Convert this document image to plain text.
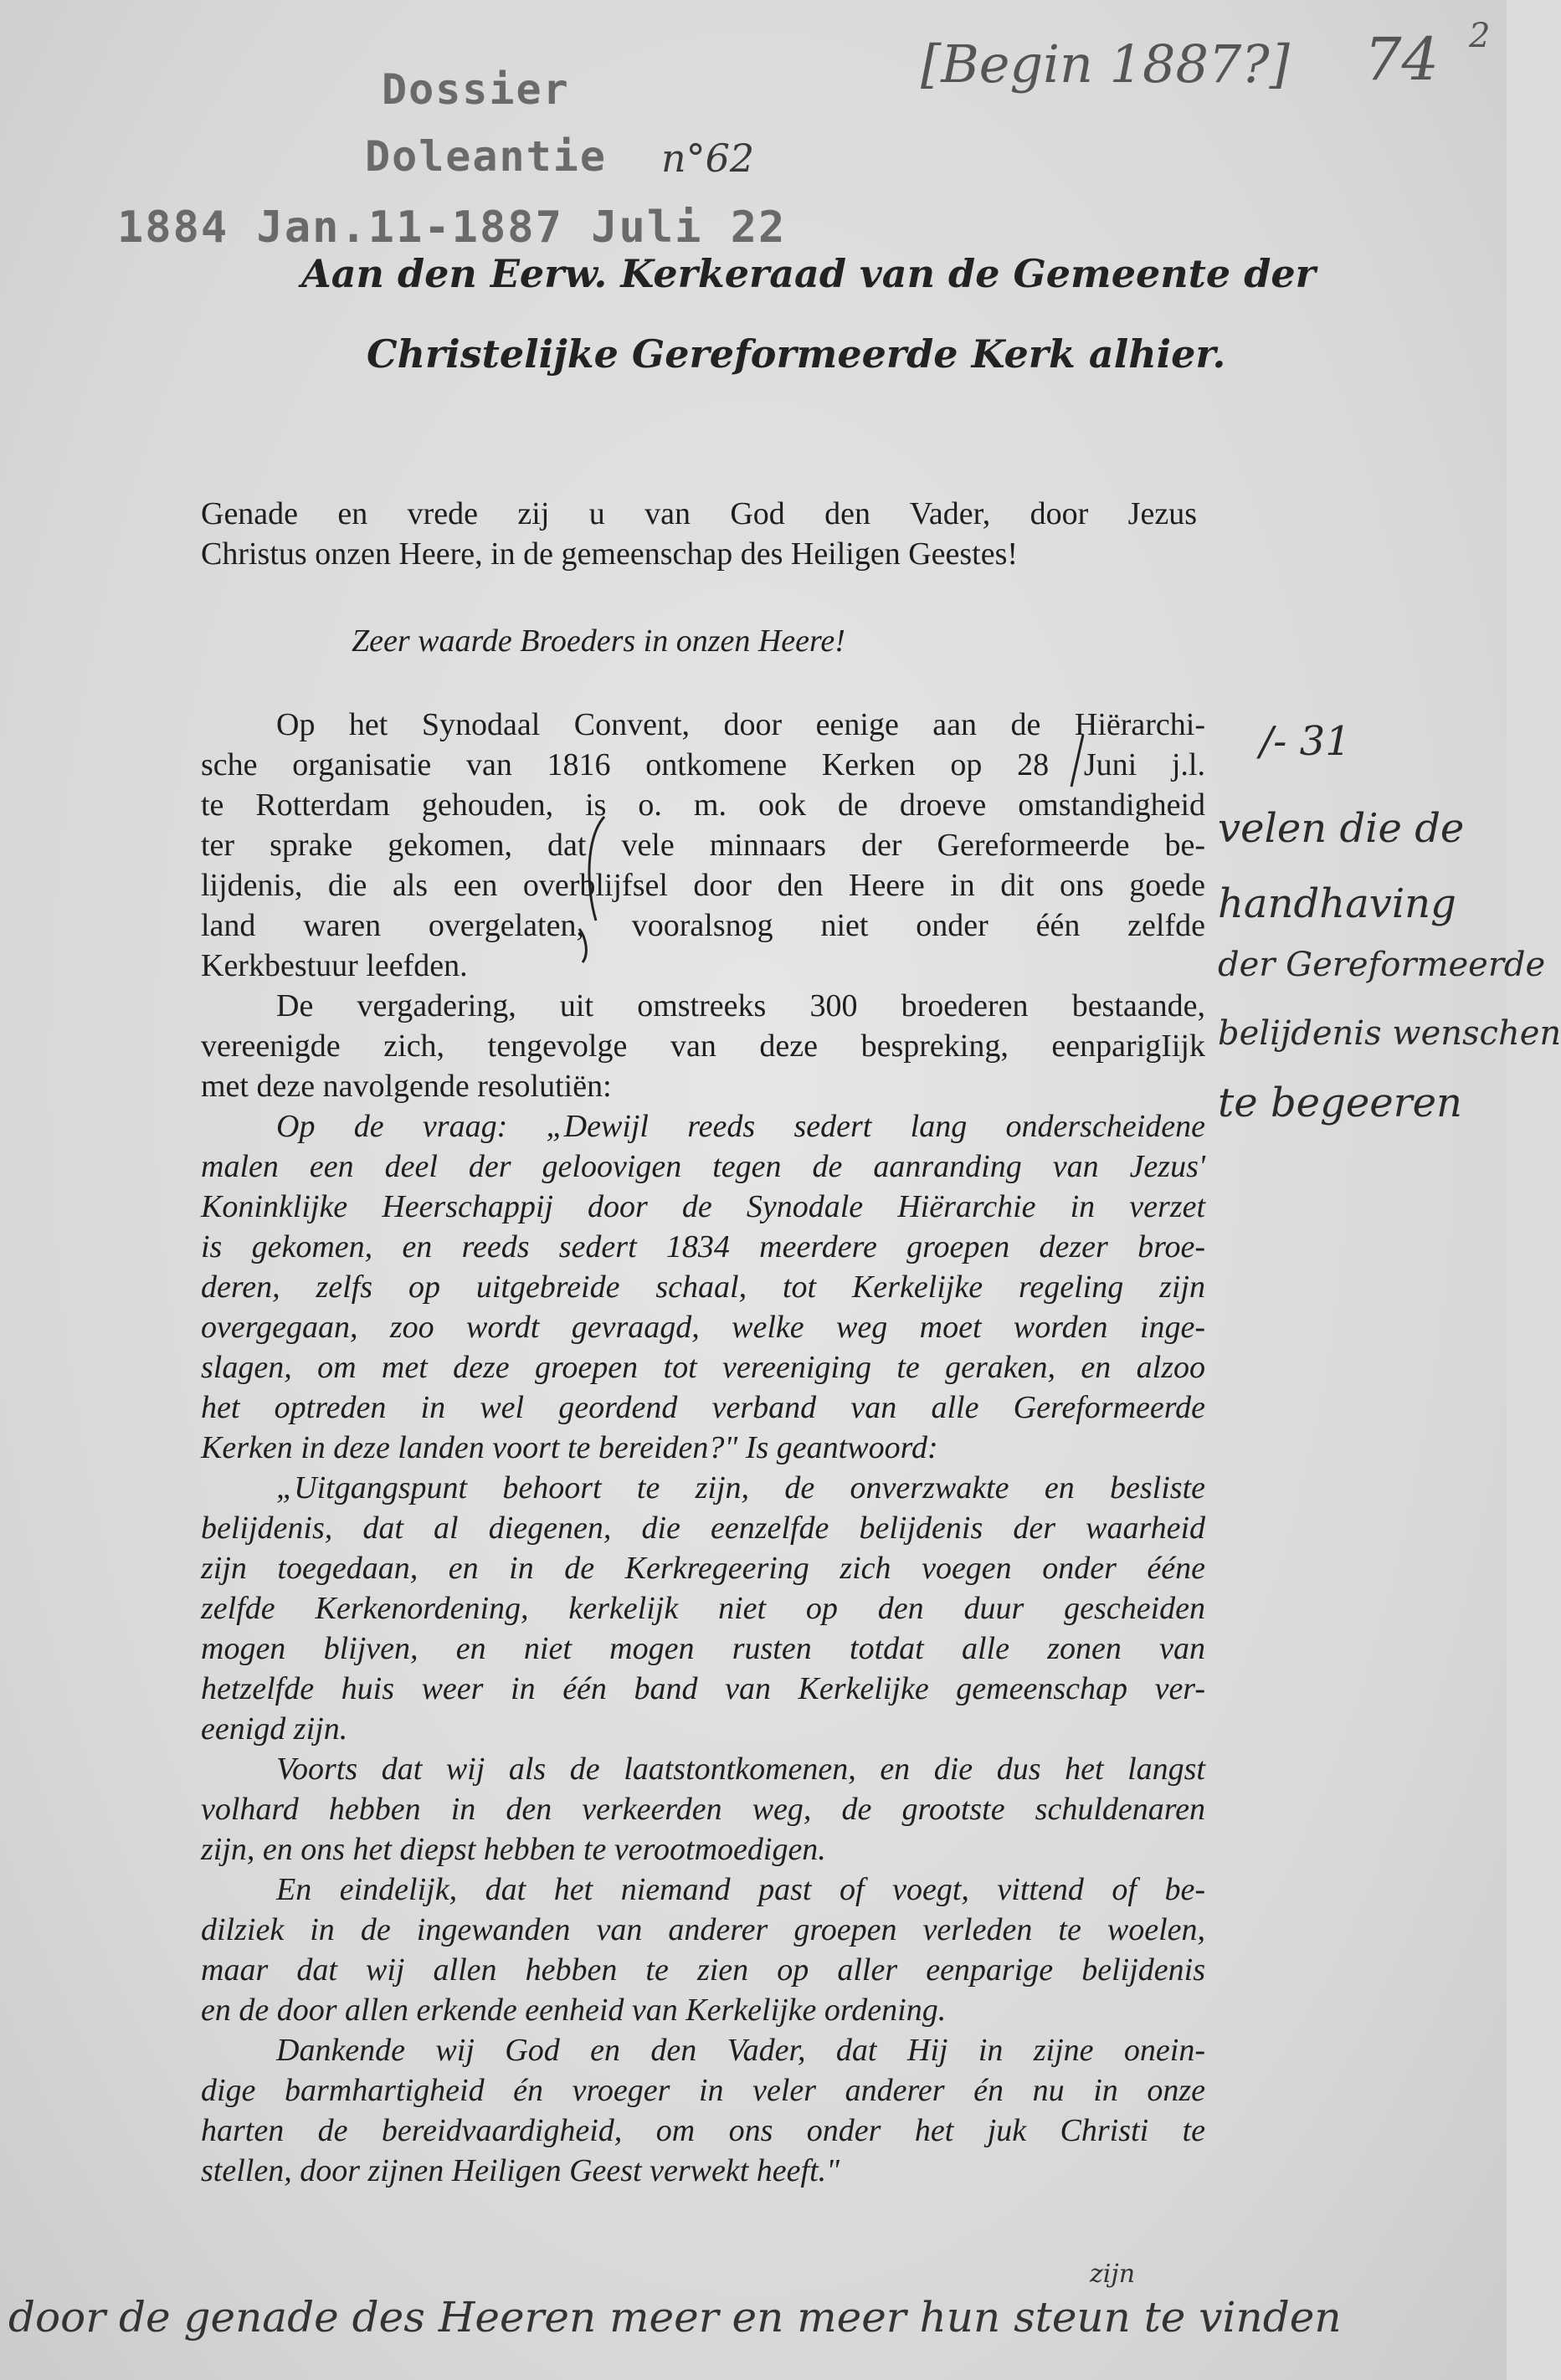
Dossier
Doleantie
1884 Jan.11-1887 Juli 22
n°62
[Begin 1887?] 74 2
Aan den Eerw. Kerkeraad van de Gemeente der
Christelijke Gereformeerde Kerk alhier.
Genade en vrede zij u van God den Vader, door Jezus
Christus onzen Heere, in de gemeenschap des Heiligen Geestes!
Zeer waarde Broeders in onzen Heere!
Op het Synodaal Convent, door eenige aan de Hiërarchi-
sche organisatie van 1816 ontkomene Kerken op 28 Juni j.l.
te Rotterdam gehouden, is o. m. ook de droeve omstandigheid
ter sprake gekomen, dat vele minnaars der Gereformeerde be-
lijdenis, die als een overblijfsel door den Heere in dit ons goede
land waren overgelaten, vooralsnog niet onder één zelfde
Kerkbestuur leefden.
De vergadering, uit omstreeks 300 broederen bestaande,
vereenigde zich, tengevolge van deze bespreking, eenparigIijk
met deze navolgende resolutiën:
Op de vraag: „Dewijl reeds sedert lang onderscheidene
malen een deel der geloovigen tegen de aanranding van Jezus'
Koninklijke Heerschappij door de Synodale Hiërarchie in verzet
is gekomen, en reeds sedert 1834 meerdere groepen dezer broe-
deren, zelfs op uitgebreide schaal, tot Kerkelijke regeling zijn
overgegaan, zoo wordt gevraagd, welke weg moet worden inge-
slagen, om met deze groepen tot vereeniging te geraken, en alzoo
het optreden in wel geordend verband van alle Gereformeerde
Kerken in deze landen voort te bereiden?" Is geantwoord:
„Uitgangspunt behoort te zijn, de onverzwakte en besliste
belijdenis, dat al diegenen, die eenzelfde belijdenis der waarheid
zijn toegedaan, en in de Kerkregeering zich voegen onder ééne
zelfde Kerkenordening, kerkelijk niet op den duur gescheiden
mogen blijven, en niet mogen rusten totdat alle zonen van
hetzelfde huis weer in één band van Kerkelijke gemeenschap ver-
eenigd zijn.
Voorts dat wij als de laatstontkomenen, en die dus het langst
volhard hebben in den verkeerden weg, de grootste schuldenaren
zijn, en ons het diepst hebben te verootmoedigen.
En eindelijk, dat het niemand past of voegt, vittend of be-
dilziek in de ingewanden van anderer groepen verleden te woelen,
maar dat wij allen hebben te zien op aller eenparige belijdenis
en de door allen erkende eenheid van Kerkelijke ordening.
Dankende wij God en den Vader, dat Hij in zijne onein-
dige barmhartigheid én vroeger in veler anderer én nu in onze
harten de bereidvaardigheid, om ons onder het juk Christi te
stellen, door zijnen Heiligen Geest verwekt heeft."
/- 31
velen die de
handhaving
der Gereformeerde
belijdenis wenschen
te begeeren
zijn
door de genade des Heeren meer en meer hun steun te vinden
